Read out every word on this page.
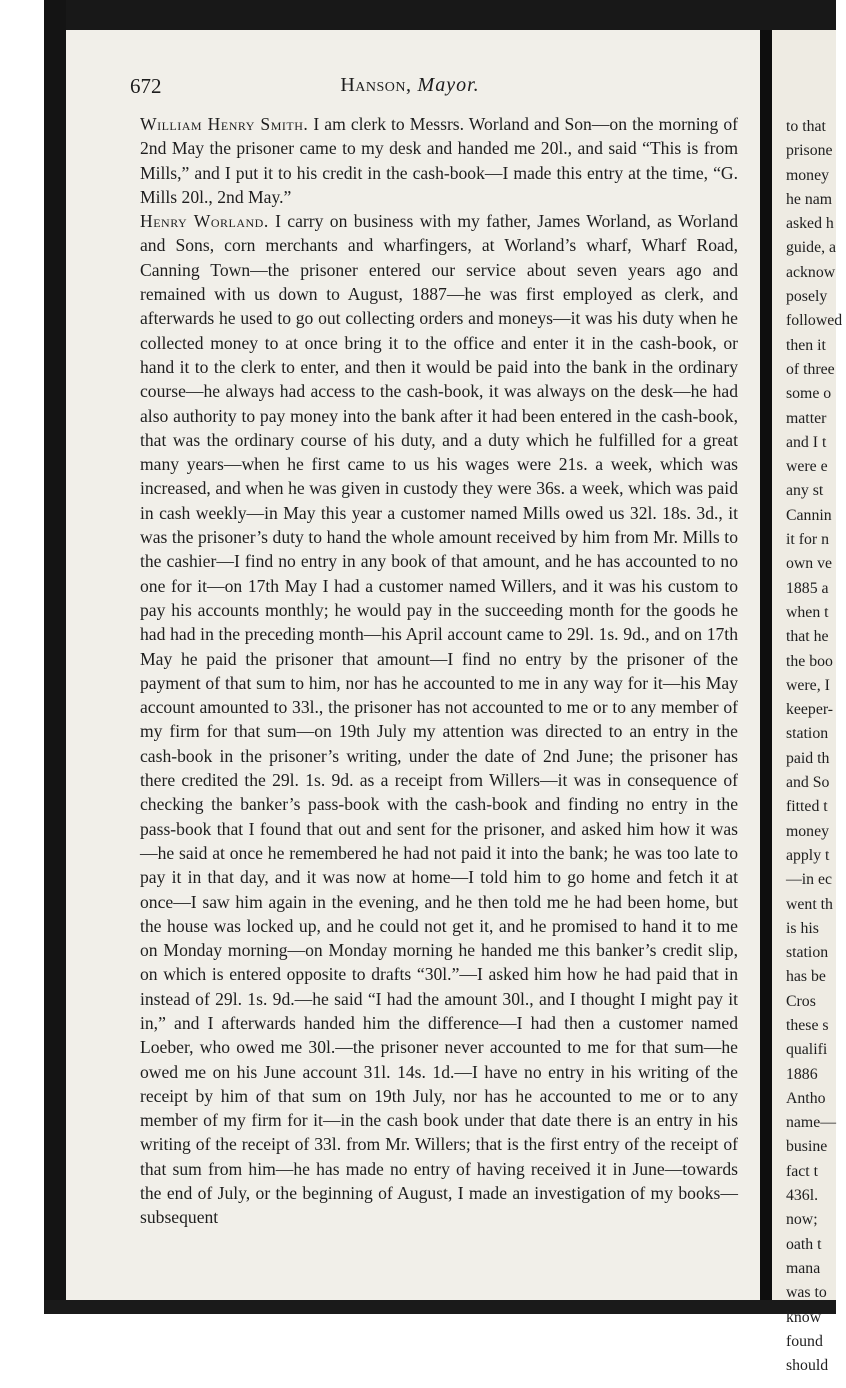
672	Hanson, Mayor.

William Henry Smith. I am clerk to Messrs. Worland and Son—on the morning of 2nd May the prisoner came to my desk and handed me 20l., and said “This is from Mills,” and I put it to his credit in the cash-book—I made this entry at the time, “G. Mills 20l., 2nd May.”

Henry Worland. I carry on business with my father, James Worland, as Worland and Sons, corn merchants and wharfingers, at Worland’s wharf, Wharf Road, Canning Town—the prisoner entered our service about seven years ago and remained with us down to August, 1887—he was first employed as clerk, and afterwards he used to go out collecting orders and moneys—it was his duty when he collected money to at once bring it to the office and enter it in the cash-book, or hand it to the clerk to enter, and then it would be paid into the bank in the ordinary course—he always had access to the cash-book, it was always on the desk—he had also authority to pay money into the bank after it had been entered in the cash-book, that was the ordinary course of his duty, and a duty which he fulfilled for a great many years—when he first came to us his wages were 21s. a week, which was increased, and when he was given in custody they were 36s. a week, which was paid in cash weekly—in May this year a customer named Mills owed us 32l. 18s. 3d., it was the prisoner’s duty to hand the whole amount received by him from Mr. Mills to the cashier—I find no entry in any book of that amount, and he has accounted to no one for it—on 17th May I had a customer named Willers, and it was his custom to pay his accounts monthly; he would pay in the succeeding month for the goods he had had in the preceding month—his April account came to 29l. 1s. 9d., and on 17th May he paid the prisoner that amount—I find no entry by the prisoner of the payment of that sum to him, nor has he accounted to me in any way for it—his May account amounted to 33l., the prisoner has not accounted to me or to any member of my firm for that sum—on 19th July my attention was directed to an entry in the cash-book in the prisoner’s writing, under the date of 2nd June; the prisoner has there credited the 29l. 1s. 9d. as a receipt from Willers—it was in consequence of checking the banker’s pass-book with the cash-book and finding no entry in the pass-book that I found that out and sent for the prisoner, and asked him how it was—he said at once he remembered he had not paid it into the bank; he was too late to pay it in that day, and it was now at home—I told him to go home and fetch it at once—I saw him again in the evening, and he then told me he had been home, but the house was locked up, and he could not get it, and he promised to hand it to me on Monday morning—on Monday morning he handed me this banker’s credit slip, on which is entered opposite to drafts “30l.”—I asked him how he had paid that in instead of 29l. 1s. 9d.—he said “I had the amount 30l., and I thought I might pay it in,” and I afterwards handed him the difference—I had then a customer named Loeber, who owed me 30l.—the prisoner never accounted to me for that sum—he owed me on his June account 31l. 14s. 1d.—I have no entry in his writing of the receipt by him of that sum on 19th July, nor has he accounted to me or to any member of my firm for it—in the cash book under that date there is an entry in his writing of the receipt of 33l. from Mr. Willers; that is the first entry of the receipt of that sum from him—he has made no entry of having received it in June—towards the end of July, or the beginning of August, I made an investigation of my books—subsequent

to that
prisone
money
he nam
asked h
guide, a
acknow
posely
followed
then it
of three
some o
matter
and I t
were e
any st
Cannin
it for n
own ve
1885 a
when t
that he
the boo
were, I
keeper-
station
paid th
and So
fitted t
money
apply t
—in ec
went th
is his
station
has be
Cros
these s
qualifi
1886
Antho
name—
busine
fact t
436l.
now;
oath t
mana
was to
know
found
should
